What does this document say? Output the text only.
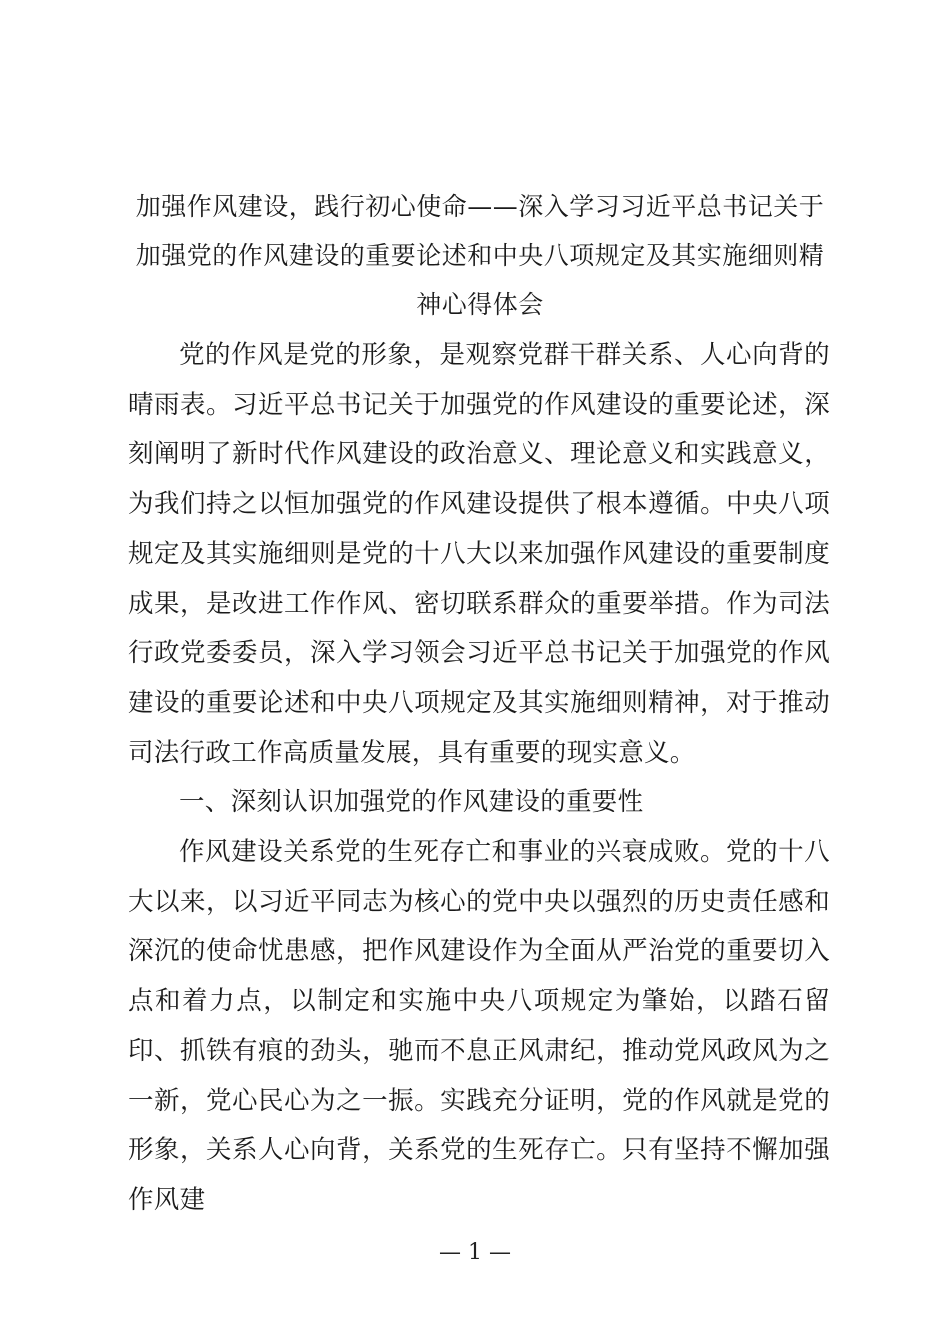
加强作风建设，践行初心使命——深入学习习近平总书记关于加强党的作风建设的重要论述和中央八项规定及其实施细则精神心得体会

党的作风是党的形象，是观察党群干群关系、人心向背的晴雨表。习近平总书记关于加强党的作风建设的重要论述，深刻阐明了新时代作风建设的政治意义、理论意义和实践意义，为我们持之以恒加强党的作风建设提供了根本遵循。中央八项规定及其实施细则是党的十八大以来加强作风建设的重要制度成果，是改进工作作风、密切联系群众的重要举措。作为司法行政党委委员，深入学习领会习近平总书记关于加强党的作风建设的重要论述和中央八项规定及其实施细则精神，对于推动司法行政工作高质量发展，具有重要的现实意义。

一、深刻认识加强党的作风建设的重要性

作风建设关系党的生死存亡和事业的兴衰成败。党的十八大以来，以习近平同志为核心的党中央以强烈的历史责任感和深沉的使命忧患感，把作风建设作为全面从严治党的重要切入点和着力点，以制定和实施中央八项规定为肇始，以踏石留印、抓铁有痕的劲头，驰而不息正风肃纪，推动党风政风为之一新，党心民心为之一振。实践充分证明，党的作风就是党的形象，关系人心向背，关系党的生死存亡。只有坚持不懈加强作风建

— 1 —
